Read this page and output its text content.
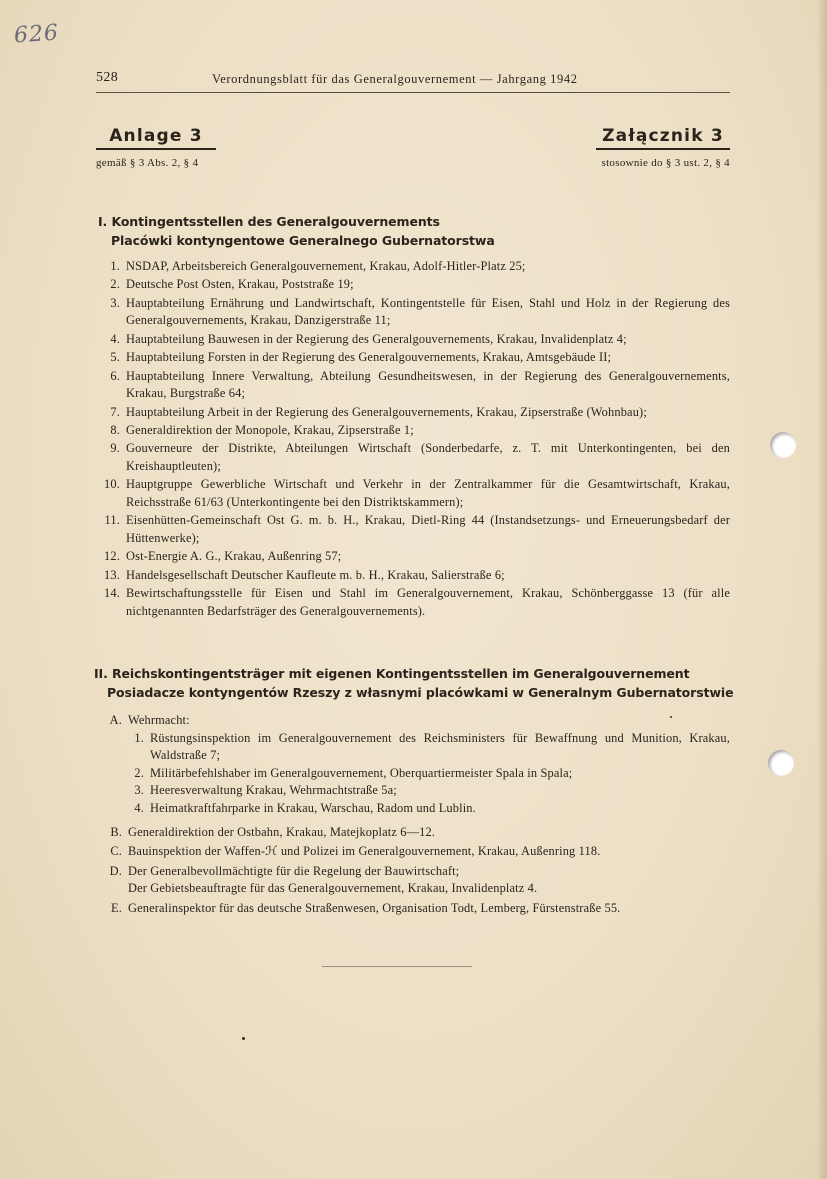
626
528	Verordnungsblatt für das Generalgouvernement — Jahrgang 1942
Anlage 3
gemäß § 3 Abs. 2, § 4
Załącznik 3
stosownie do § 3 ust. 2, § 4
I. Kontingentsstellen des Generalgouvernements
Placówki kontyngentowe Generalnego Gubernatorstwa
1. NSDAP, Arbeitsbereich Generalgouvernement, Krakau, Adolf-Hitler-Platz 25;
2. Deutsche Post Osten, Krakau, Poststraße 19;
3. Hauptabteilung Ernährung und Landwirtschaft, Kontingentstelle für Eisen, Stahl und Holz in der Regierung des Generalgouvernements, Krakau, Danzigerstraße 11;
4. Hauptabteilung Bauwesen in der Regierung des Generalgouvernements, Krakau, Invalidenplatz 4;
5. Hauptabteilung Forsten in der Regierung des Generalgouvernements, Krakau, Amtsgebäude II;
6. Hauptabteilung Innere Verwaltung, Abteilung Gesundheitswesen, in der Regierung des Generalgouvernements, Krakau, Burgstraße 64;
7. Hauptabteilung Arbeit in der Regierung des Generalgouvernements, Krakau, Zipserstraße (Wohnbau);
8. Generaldirektion der Monopole, Krakau, Zipserstraße 1;
9. Gouverneure der Distrikte, Abteilungen Wirtschaft (Sonderbedarfe, z. T. mit Unterkontingenten, bei den Kreishauptleuten);
10. Hauptgruppe Gewerbliche Wirtschaft und Verkehr in der Zentralkammer für die Gesamtwirtschaft, Krakau, Reichsstraße 61/63 (Unterkontingente bei den Distriktskammern);
11. Eisenhütten-Gemeinschaft Ost G. m. b. H., Krakau, Dietl-Ring 44 (Instandsetzungs- und Erneuerungsbedarf der Hüttenwerke);
12. Ost-Energie A. G., Krakau, Außenring 57;
13. Handelsgesellschaft Deutscher Kaufleute m. b. H., Krakau, Salierstraße 6;
14. Bewirtschaftungsstelle für Eisen und Stahl im Generalgouvernement, Krakau, Schönberggasse 13 (für alle nichtgenannten Bedarfsträger des Generalgouvernements).
II. Reichskontingentsträger mit eigenen Kontingentsstellen im Generalgouvernement
Posiadacze kontyngentów Rzeszy z własnymi placówkami w Generalnym Gubernatorstwie
A. Wehrmacht:
1. Rüstungsinspektion im Generalgouvernement des Reichsministers für Bewaffnung und Munition, Krakau, Waldstraße 7;
2. Militärbefehlshaber im Generalgouvernement, Oberquartiermeister Spala in Spala;
3. Heeresverwaltung Krakau, Wehrmachtstraße 5a;
4. Heimatkraftfahrparke in Krakau, Warschau, Radom und Lublin.
B. Generaldirektion der Ostbahn, Krakau, Matejkoplatz 6—12.
C. Bauinspektion der Waffen-ℋ und Polizei im Generalgouvernement, Krakau, Außenring 118.
D. Der Generalbevollmächtigte für die Regelung der Bauwirtschaft;
Der Gebietsbeauftragte für das Generalgouvernement, Krakau, Invalidenplatz 4.
E. Generalinspektor für das deutsche Straßenwesen, Organisation Todt, Lemberg, Fürstenstraße 55.
